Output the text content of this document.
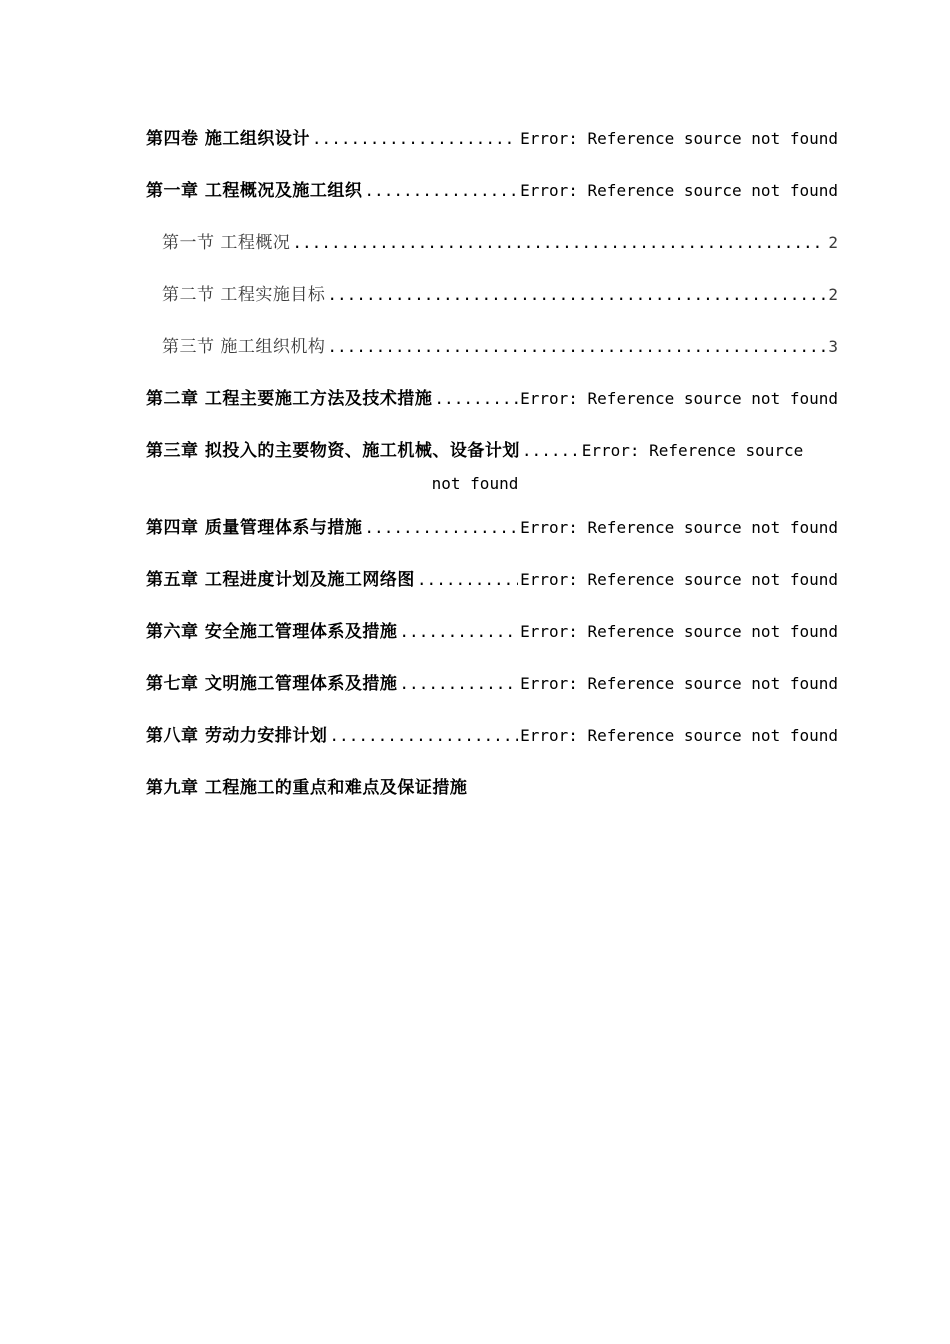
第四卷 施工组织设计 .....	Error: Reference source not found
第一章 工程概况及施工组织 .....	Error: Reference source not found
第一节 工程概况 .....	2
第二节 工程实施目标 .....	2
第三节 施工组织机构 .....	3
第二章 工程主要施工方法及技术措施 .....	Error: Reference source not found
第三章 拟投入的主要物资、施工机械、设备计划 ......	Error: Reference source
not found
第四章 质量管理体系与措施 .....	Error: Reference source not found
第五章 工程进度计划及施工网络图 .....	Error: Reference source not found
第六章 安全施工管理体系及措施 .....	Error: Reference source not found
第七章 文明施工管理体系及措施 .....	Error: Reference source not found
第八章 劳动力安排计划 .....	Error: Reference source not found
第九章 工程施工的重点和难点及保证措施
